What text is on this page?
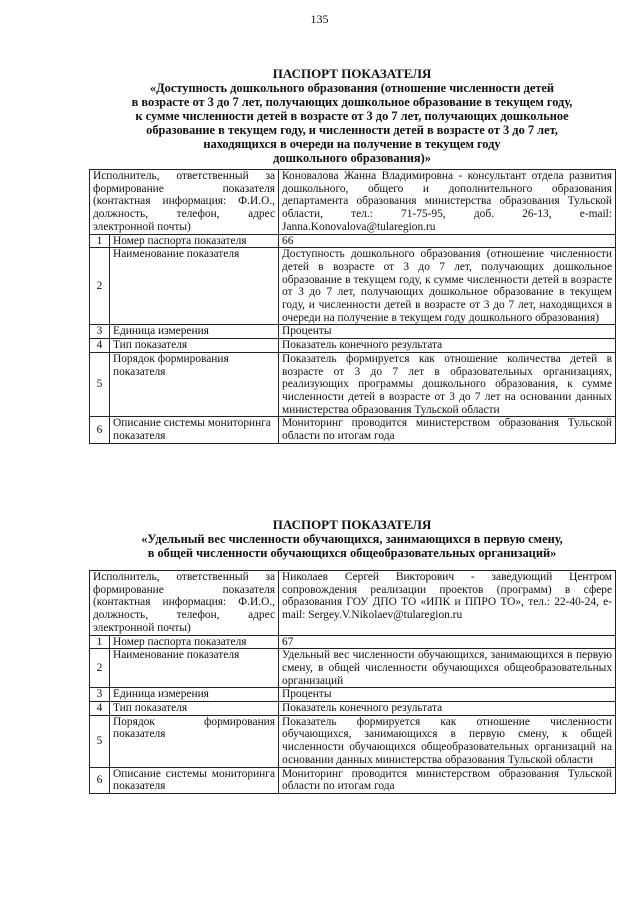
135
ПАСПОРТ ПОКАЗАТЕЛЯ
«Доступность дошкольного образования (отношение численности детей
в возрасте от 3 до 7 лет, получающих дошкольное образование в текущем году,
к сумме численности детей в возрасте от 3 до 7 лет, получающих дошкольное
образование в текущем году, и численности детей в возрасте от 3 до 7 лет,
находящихся в очереди на получение в текущем году
дошкольного образования)»
Исполнитель, ответственный за формирование показателя (контактная информация: Ф.И.О., должность, телефон, адрес электронной почты)		Коновалова Жанна Владимировна - консультант отдела развития дошкольного, общего и дополнительного образования департамента образования министерства образования Тульской области, тел.: 71-75-95, доб. 26-13, e-mail: Janna.Konovalova@tularegion.ru
1	Номер паспорта показателя	66
2	Наименование показателя	Доступность дошкольного образования (отношение численности детей в возрасте от 3 до 7 лет, получающих дошкольное образование в текущем году, к сумме численности детей в возрасте от 3 до 7 лет, получающих дошкольное образование в текущем году, и численности детей в возрасте от 3 до 7 лет, находящихся в очереди на получение в текущем году дошкольного образования)
3	Единица измерения	Проценты
4	Тип показателя	Показатель конечного результата
5	Порядок формирования показателя	Показатель формируется как отношение количества детей в возрасте от 3 до 7 лет в образовательных организациях, реализующих программы дошкольного образования, к сумме численности детей в возрасте от 3 до 7 лет на основании данных министерства образования Тульской области
6	Описание системы мониторинга показателя	Мониторинг проводится министерством образования Тульской области по итогам года
ПАСПОРТ ПОКАЗАТЕЛЯ
«Удельный вес численности обучающихся, занимающихся в первую смену,
в общей численности обучающихся общеобразовательных организаций»
Исполнитель, ответственный за формирование показателя (контактная информация: Ф.И.О., должность, телефон, адрес электронной почты)		Николаев Сергей Викторович - заведующий Центром сопровождения реализации проектов (программ) в сфере образования ГОУ ДПО ТО «ИПК и ППРО ТО», тел.: 22-40-24, e-mail: Sergey.V.Nikolaev@tularegion.ru
1	Номер паспорта показателя	67
2	Наименование показателя	Удельный вес численности обучающихся, занимающихся в первую смену, в общей численности обучающихся общеобразовательных организаций
3	Единица измерения	Проценты
4	Тип показателя	Показатель конечного результата
5	Порядок формирования показателя	Показатель формируется как отношение численности обучающихся, занимающихся в первую смену, к общей численности обучающихся общеобразовательных организаций на основании данных министерства образования Тульской области
6	Описание системы мониторинга показателя	Мониторинг проводится министерством образования Тульской области по итогам года
